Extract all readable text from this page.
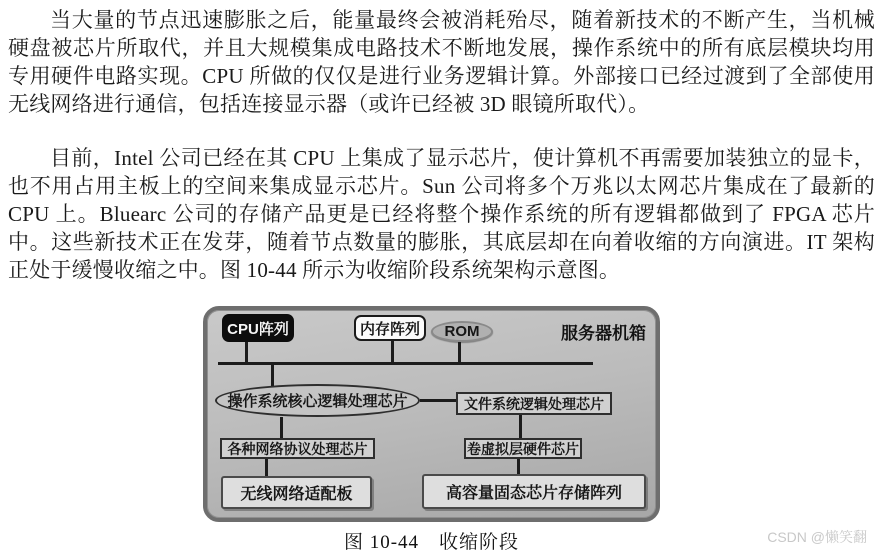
当大量的节点迅速膨胀之后，能量最终会被消耗殆尽，随着新技术的不断产生，当机械硬盘被芯片所取代，并且大规模集成电路技术不断地发展，操作系统中的所有底层模块均用专用硬件电路实现。CPU 所做的仅仅是进行业务逻辑计算。外部接口已经过渡到了全部使用无线网络进行通信，包括连接显示器（或许已经被 3D 眼镜所取代）。

目前，Intel 公司已经在其 CPU 上集成了显示芯片，使计算机不再需要加装独立的显卡，也不用占用主板上的空间来集成显示芯片。Sun 公司将多个万兆以太网芯片集成在了最新的 CPU 上。Bluearc 公司的存储产品更是已经将整个操作系统的所有逻辑都做到了 FPGA 芯片中。这些新技术正在发芽，随着节点数量的膨胀，其底层却在向着收缩的方向演进。IT 架构正处于缓慢收缩之中。图 10-44 所示为收缩阶段系统架构示意图。

服务器机箱
CPU阵列	内存阵列	ROM
操作系统核心逻辑处理芯片	文件系统逻辑处理芯片
各种网络协议处理芯片	卷虚拟层硬件芯片
无线网络适配板	高容量固态芯片存储阵列
图 10-44　收缩阶段	CSDN @懒笑翻
